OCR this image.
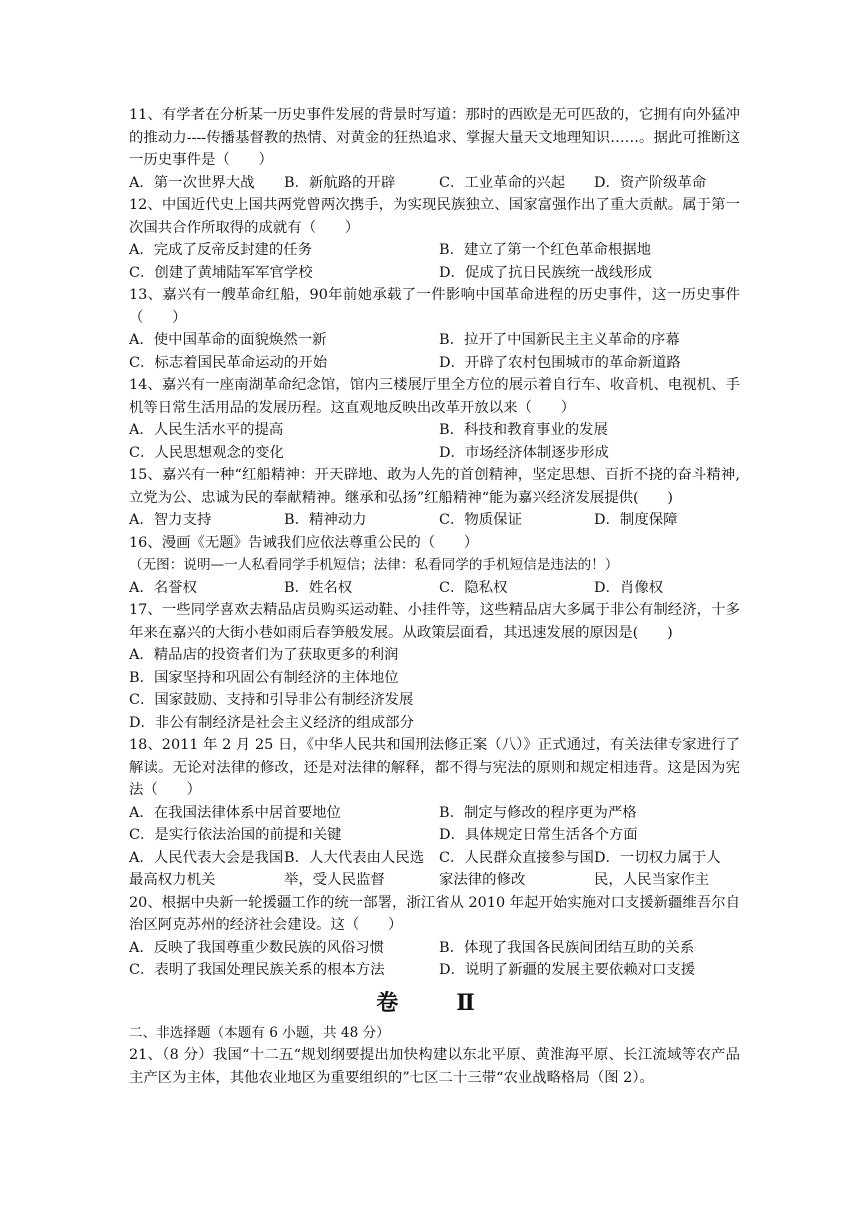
11、有学者在分析某一历史事件发展的背景时写道：那时的西欧是无可匹敌的，它拥有向外猛冲的推动力----传播基督教的热情、对黄金的狂热追求、掌握大量天文地理知识……。据此可推断这一历史事件是（　　）
A．第一次世界大战	B．新航路的开辟	C．工业革命的兴起	D．资产阶级革命
12、中国近代史上国共两党曾两次携手，为实现民族独立、国家富强作出了重大贡献。属于第一次国共合作所取得的成就有（　　）
A．完成了反帝反封建的任务	B．建立了第一个红色革命根据地
C．创建了黄埔陆军军官学校	D．促成了抗日民族统一战线形成
13、嘉兴有一艘革命红船，90年前她承载了一件影响中国革命进程的历史事件，这一历史事件（　　）
A．使中国革命的面貌焕然一新	B．拉开了中国新民主主义革命的序幕
C．标志着国民革命运动的开始	D．开辟了农村包围城市的革命新道路
14、嘉兴有一座南湖革命纪念馆，馆内三楼展厅里全方位的展示着自行车、收音机、电视机、手机等日常生活用品的发展历程。这直观地反映出改革开放以来（　　）
A．人民生活水平的提高	B．科技和教育事业的发展
C．人民思想观念的变化	D．市场经济体制逐步形成
15、嘉兴有一种“红船精神：开天辟地、敢为人先的首创精神，坚定思想、百折不挠的奋斗精神,立党为公、忠诚为民的奉献精神。继承和弘扬”红船精神“能为嘉兴经济发展提供(　　)
A．智力支持	B．精神动力	C．物质保证	D．制度保障
16、漫画《无题》告诫我们应依法尊重公民的（　　）
（无图：说明—一人私看同学手机短信；法律：私看同学的手机短信是违法的！）
A．名誉权	B．姓名权	C．隐私权	D．肖像权
17、一些同学喜欢去精品店员购买运动鞋、小挂件等，这些精品店大多属于非公有制经济，十多年来在嘉兴的大街小巷如雨后春笋般发展。从政策层面看，其迅速发展的原因是(　　)
A．精品店的投资者们为了获取更多的利润
B．国家坚持和巩固公有制经济的主体地位
C．国家鼓励、支持和引导非公有制经济发展
D．非公有制经济是社会主义经济的组成部分
18、2011 年 2 月 25 日，《中华人民共和国刑法修正案（八）》正式通过，有关法律专家进行了解读。无论对法律的修改，还是对法律的解释，都不得与宪法的原则和规定相违背。这是因为宪法（　　）
A．在我国法律体系中居首要地位	B．制定与修改的程序更为严格
C．是实行依法治国的前提和关键	D．具体规定日常生活各个方面
A．人民代表大会是我国最高权力机关
B．人大代表由人民选举，受人民监督
C．人民群众直接参与国家法律的修改
D．一切权力属于人民，人民当家作主
20、根据中央新一轮援疆工作的统一部署，浙江省从 2010 年起开始实施对口支援新疆维吾尔自治区阿克苏州的经济社会建设。这（　　）
A．反映了我国尊重少数民族的风俗习惯	B．体现了我国各民族间团结互助的关系
C．表明了我国处理民族关系的根本方法	D．说明了新疆的发展主要依赖对口支援
卷　Ⅱ
二、非选择题（本题有 6 小题，共 48 分）
21、（8 分）我国“十二五“规划纲要提出加快构建以东北平原、黄淮海平原、长江流域等农产品主产区为主体，其他农业地区为重要组织的”七区二十三带“农业战略格局（图 2）。
